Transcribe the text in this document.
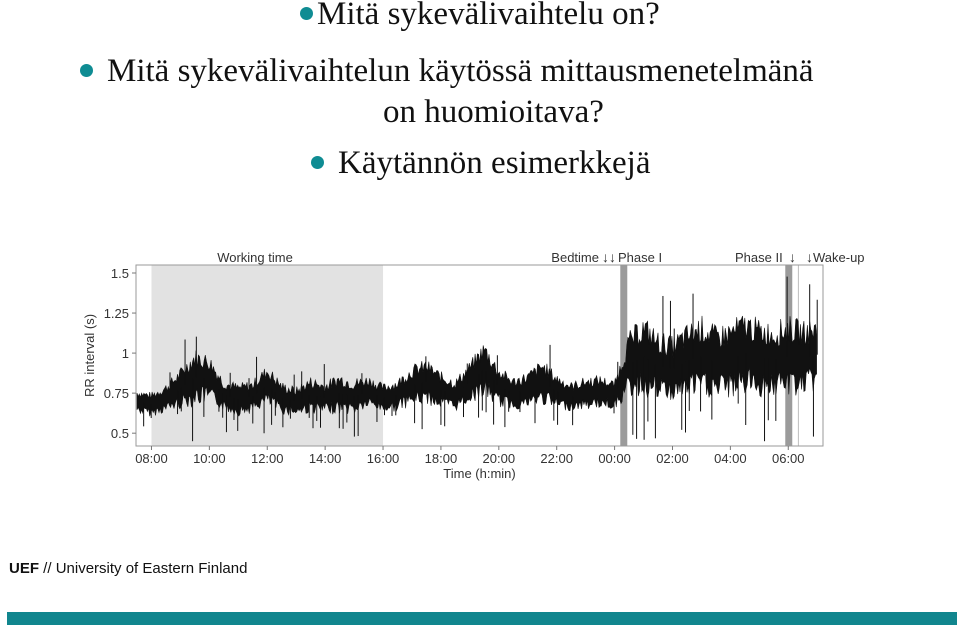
Mitä sykevälivaihtelu on?
Mitä sykevälivaihtelun käytössä mittausmenetelmänä
on huomioitava?
Käytännön esimerkkejä
0.5
0.75
1
1.25
1.5
08:00 10:00 12:00 14:00 16:00 18:00 20:00 22:00 00:00 02:00 04:00 06:00
Working time	Bedtime ↓↓ Phase I	Phase II ↓ ↓ Wake-up
RR interval (s)
Time (h:min)
UEF // University of Eastern Finland
